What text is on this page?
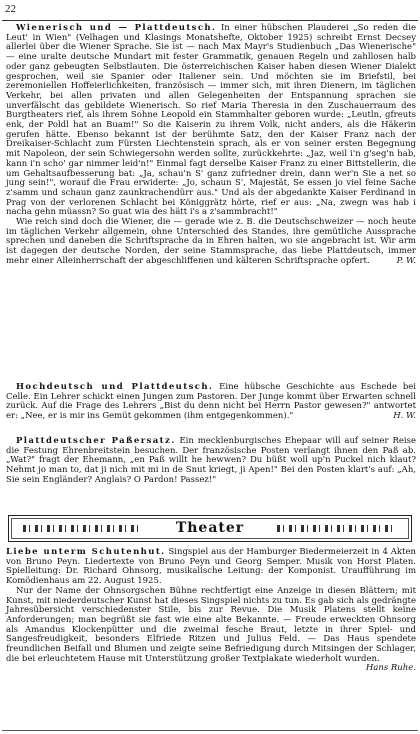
22

Wienerisch und — Plattdeutsch. In einer hübschen Plauderei „So reden die Leut' in Wien" (Velhagen und Klasings Monatshefte, Oktober 1925) schreibt Ernst Decsey allerlei über die Wiener Sprache. Sie ist — nach Max Mayr's Studienbuch „Das Wienerische" — eine uralte deutsche Mundart mit fester Grammatik, genauen Regeln und zahllosen halb oder ganz gebeugten Selbstlauten. Die österreichischen Kaiser haben diesen Wiener Dialekt gesprochen, weil sie Spanier oder Italiener sein. Und möchten sie im Briefstil, bei zeremoniellen Hoffeierlichkeiten, französisch — immer sich, mit ihren Dienern, im täglichen Verkehr, bei allen privaten und allen Gelegenheiten der Entspannung sprachen sie unverfälscht das gebildete Wienerisch. So rief Maria Theresia in den Zuschauerraum des Burgtheaters rief, als ihrem Sohne Leopold ein Stammhalter geboren wurde: „Leutln, gfreuts enk, der Poldl hat an Buam!" So die Kaiserin zu ihrem Volk, nicht anders, als die Häkerin gerufen hätte. Ebenso bekannt ist der berühmte Satz, den der Kaiser Franz nach der Dreikaiser-Schlacht zum Fürsten Liechtenstein sprach, als er von seiner ersten Begegnung mit Napoleon, der sein Schwiegersohn werden sollte, zurückkehrte: „Jaz, weil i'n g'seg'n hab, kann i'n scho' gar nimmer leid'n!" Einmal fagt derselbe Kaiser Franz zu einer Bittstellerin, die um Gehaltsaufbesserung bat: „Ja, schau'n S' ganz zufriedner drein, dann wer'n Sie a net so jung sein!", worauf die Frau erwiderte: „Jo, schaun S', Majestät, Se essen jo viel feine Sache z'samm und schaun ganz zaunkrachendürr aus." Und als der abgedankte Kaiser Ferdinand in Prag von der verlorenen Schlacht bei Königgrätz hörte, rief er aus: „Na, zwegn was hab i nacha gehn müassn? So guat wia des hätt i's a z'sammbracht!"

Wie reich sind doch die Wiener, die — gerade wie z. B. die Deutschschweizer — noch heute im täglichen Verkehr allgemein, ohne Unterschied des Standes, ihre gemütliche Aussprache sprechen und daneben die Schriftsprache da in Ehren halten, wo sie angebracht ist. Wir arm ist dagegen der deutsche Norden, der seine Stammsprache, das liebe Plattdeutsch, immer mehr einer Alleinherrschaft der abgeschliffenen und kälteren Schriftsprache opfert.	P. W.

Hochdeutsch und Plattdeutsch. Eine hübsche Geschichte aus Eschede bei Celle. Ein Lehrer schickt einen Jungen zum Pastoren. Der Junge kommt über Erwarten schnell zurück. Auf die Frage des Lehrers „Bist du denn nicht bei Herrn Pastor gewesen?" antwortet er: „Nee, er is mir ins Gemüt gekommen (ihm entgegenkommen)."	H. W.

Plattdeutscher Paßersatz. Ein mecklenburgisches Ehepaar will auf seiner Reise die Festung Ehrenbreitstein besuchen. Der französische Posten verlangt ihnen den Paß ab. „Wat?" fragt der Ehemann, „en Paß willt he hewwen? Du büßt woll up'n Puckel nich klaut? Nehmt jo man to, dat ji nich mit mi in de Snut kriegt, ji Apen!" Bei den Posten klart's auf: „Ah, Sie sein Engländer? Anglais? O Pardon! Passez!"

Theater

Liebe unterm Schutenhut. Singspiel aus der Hamburger Biedermeierzeit in 4 Akten von Bruno Peyn. Liedertexte von Bruno Peyn und Georg Semper. Musik von Horst Platen. Spielleitung: Dr. Richard Ohnsorg, musikalische Leitung: der Komponist. Uraufführung im Komödienhaus am 22. August 1925.

Nur der Name der Ohnsorgschen Bühne rechtfertigt eine Anzeige in diesen Blättern; mit Kunst, mit niederdeutscher Kunst hat dieses Singspiel nichts zu tun. Es gab sich als gedrängte Jahresübersicht verschiedenster Stile, bis zur Revue. Die Musik Platens stellt keine Anforderungen; man begrüßt sie fast wie eine alte Bekannte. — Freude erweckten Ohnsorg als Amandus Klockenpütter und die zweimal fesche Braut, letzte in ihrer Spiel- und Sangesfreudigkeit, besonders Elfriede Ritzen und Julius Feld. — Das Haus spendete freundlichen Beifall und Blumen und zeigte seine Befriedigung durch Mitsingen der Schlager, die bei erleuchtetem Hause mit Unterstützung großer Textplakate wiederholt wurden.

Hans Ruhe.
